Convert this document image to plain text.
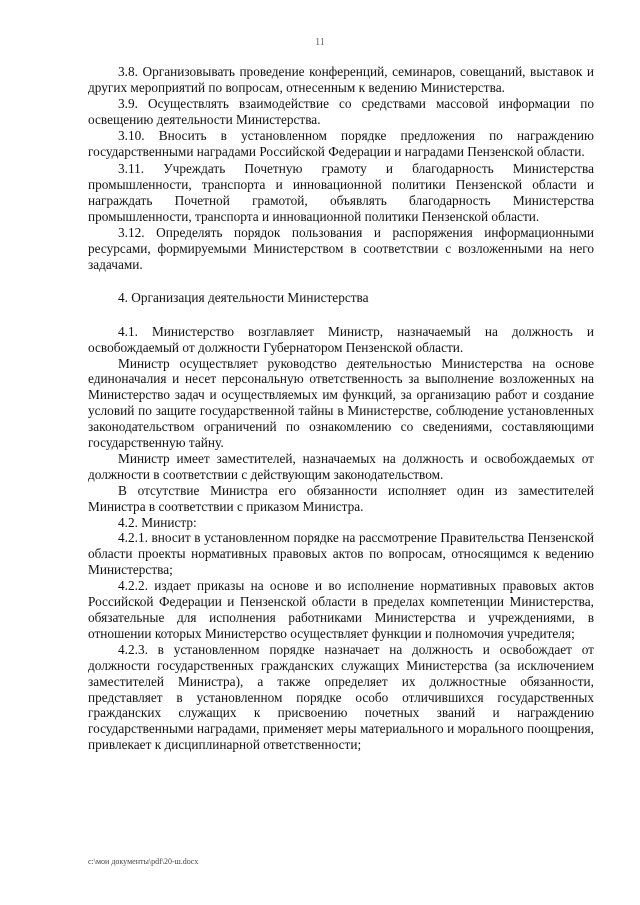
11

3.8. Организовывать проведение конференций, семинаров, совещаний, выставок и других мероприятий по вопросам, отнесенным к ведению Министерства.

3.9. Осуществлять взаимодействие со средствами массовой информации по освещению деятельности Министерства.

3.10. Вносить в установленном порядке предложения по награждению государственными наградами Российской Федерации и наградами Пензенской области.

3.11. Учреждать Почетную грамоту и благодарность Министерства промышленности, транспорта и инновационной политики Пензенской области и награждать Почетной грамотой, объявлять благодарность Министерства промышленности, транспорта и инновационной политики Пензенской области.

3.12. Определять порядок пользования и распоряжения информационными ресурсами, формируемыми Министерством в соответствии с возложенными на него задачами.

4. Организация деятельности Министерства

4.1. Министерство возглавляет Министр, назначаемый на должность и освобождаемый от должности Губернатором Пензенской области.

Министр осуществляет руководство деятельностью Министерства на основе единоначалия и несет персональную ответственность за выполнение возложенных на Министерство задач и осуществляемых им функций, за организацию работ и создание условий по защите государственной тайны в Министерстве, соблюдение установленных законодательством ограничений по ознакомлению со сведениями, составляющими государственную тайну.

Министр имеет заместителей, назначаемых на должность и освобождаемых от должности в соответствии с действующим законодательством.

В отсутствие Министра его обязанности исполняет один из заместителей Министра в соответствии с приказом Министра.

4.2. Министр:

4.2.1. вносит в установленном порядке на рассмотрение Правительства Пензенской области проекты нормативных правовых актов по вопросам, относящимся к ведению Министерства;

4.2.2. издает приказы на основе и во исполнение нормативных правовых актов Российской Федерации и Пензенской области в пределах компетенции Министерства, обязательные для исполнения работниками Министерства и учреждениями, в отношении которых Министерство осуществляет функции и полномочия учредителя;

4.2.3. в установленном порядке назначает на должность и освобождает от должности государственных гражданских служащих Министерства (за исключением заместителей Министра), а также определяет их должностные обязанности, представляет в установленном порядке особо отличившихся государственных гражданских служащих к присвоению почетных званий и награждению государственными наградами, применяет меры материального и морального поощрения, привлекает к дисциплинарной ответственности;

c:\мои документы\pdf\20-ш.docx
